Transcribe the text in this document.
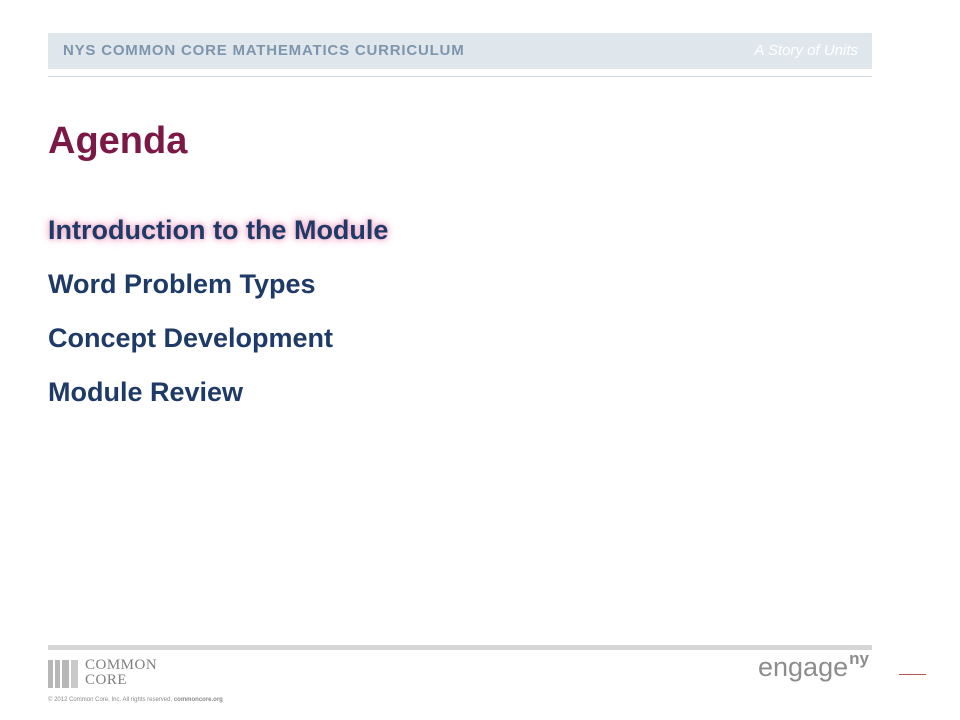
NYS COMMON CORE MATHEMATICS CURRICULUM	A Story of Units
Agenda
Introduction to the Module
Word Problem Types
Concept Development
Module Review
COMMON
CORE
© 2012 Common Core, Inc. All rights reserved. commoncore.org
engage$^{ny}$
